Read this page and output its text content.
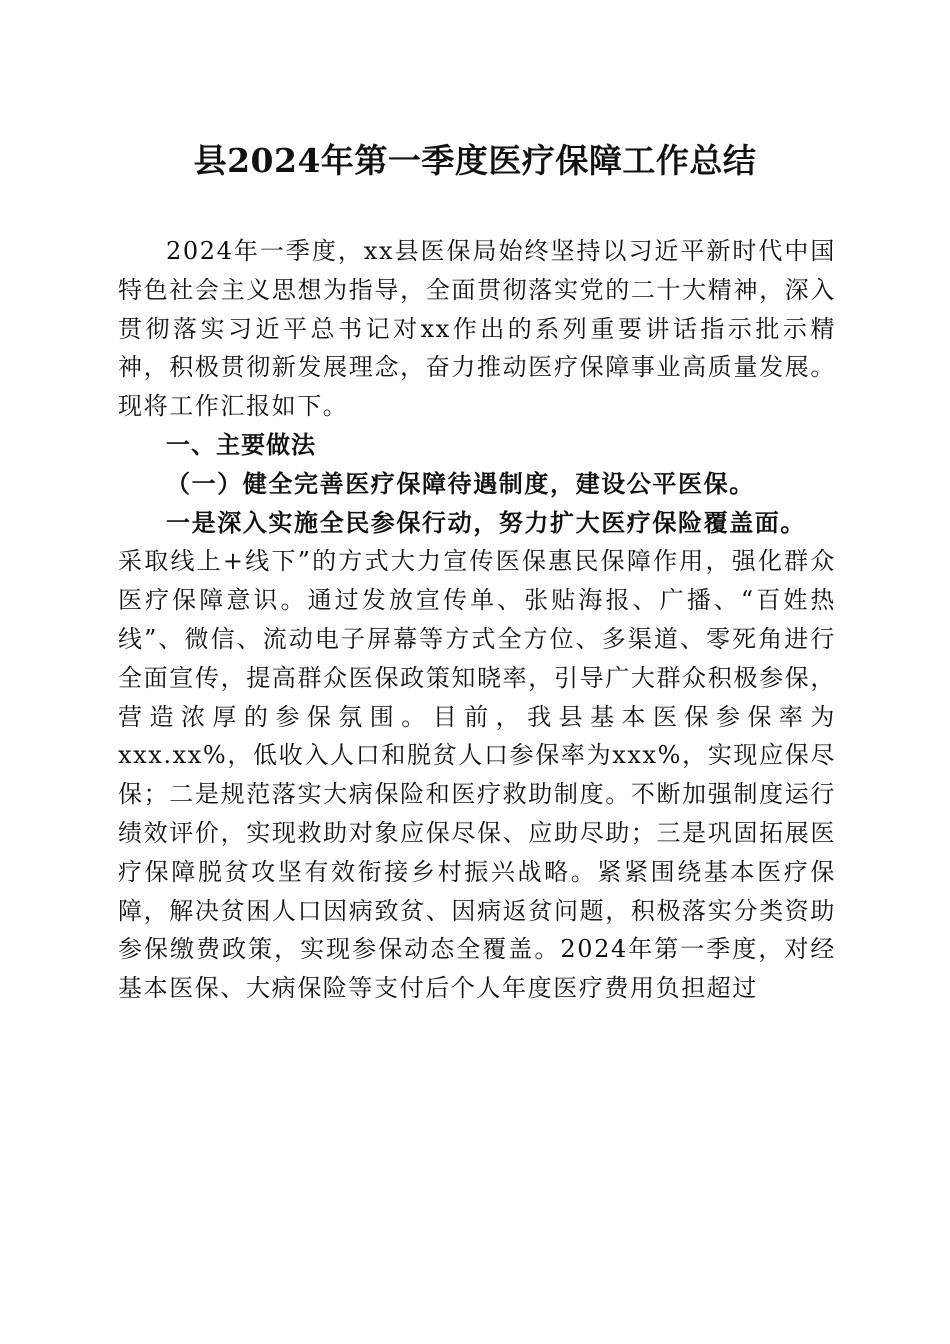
县2024年第一季度医疗保障工作总结

2024年一季度，xx县医保局始终坚持以习近平新时代中国特色社会主义思想为指导，全面贯彻落实党的二十大精神，深入贯彻落实习近平总书记对xx作出的系列重要讲话指示批示精神，积极贯彻新发展理念，奋力推动医疗保障事业高质量发展。现将工作汇报如下。

一、主要做法

（一）健全完善医疗保障待遇制度，建设公平医保。

一是深入实施全民参保行动，努力扩大医疗保险覆盖面。

采取线上+线下”的方式大力宣传医保惠民保障作用，强化群众医疗保障意识。通过发放宣传单、张贴海报、广播、“百姓热线”、微信、流动电子屏幕等方式全方位、多渠道、零死角进行全面宣传，提高群众医保政策知晓率，引导广大群众积极参保，营造浓厚的参保氛围。目前，我县基本医保参保率为xxx.xx%，低收入人口和脱贫人口参保率为xxx%，实现应保尽保；二是规范落实大病保险和医疗救助制度。不断加强制度运行绩效评价，实现救助对象应保尽保、应助尽助；三是巩固拓展医疗保障脱贫攻坚有效衔接乡村振兴战略。紧紧围绕基本医疗保障，解决贫困人口因病致贫、因病返贫问题，积极落实分类资助参保缴费政策，实现参保动态全覆盖。2024年第一季度，对经基本医保、大病保险等支付后个人年度医疗费用负担超过
